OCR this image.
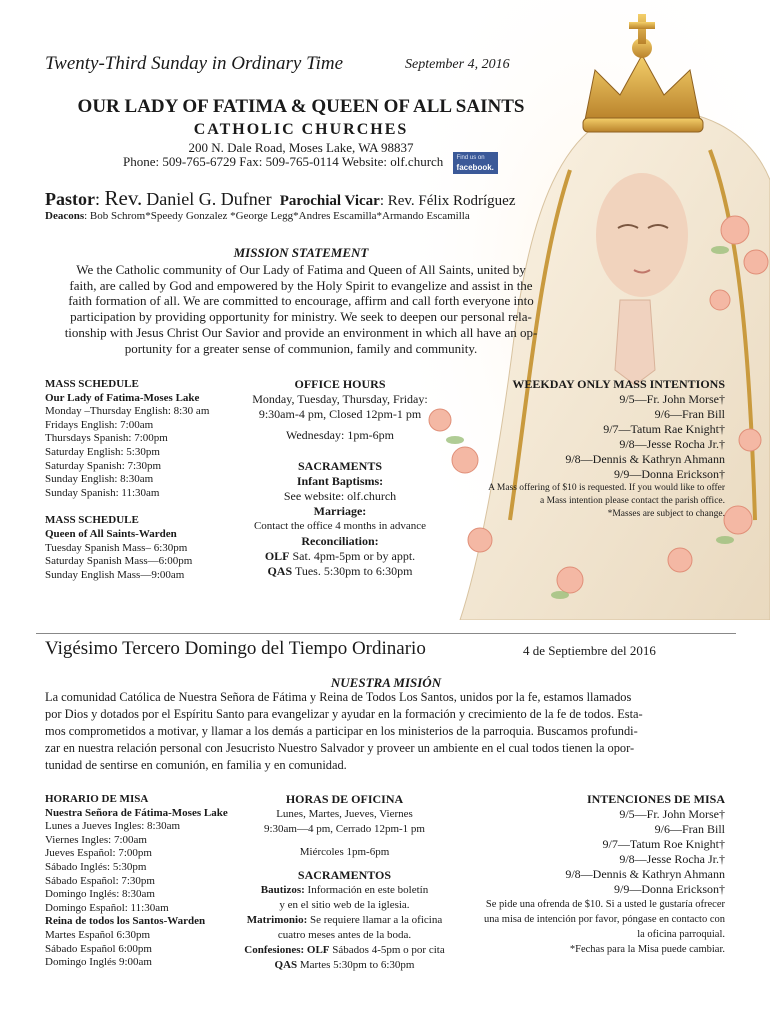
Twenty-Third Sunday in Ordinary Time	September 4, 2016
OUR LADY OF FATIMA & QUEEN OF ALL SAINTS
CATHOLIC CHURCHES
200 N. Dale Road, Moses Lake, WA 98837
Phone: 509-765-6729 Fax: 509-765-0114 Website: olf.church Find us on
facebook.
Pastor: Rev. Daniel G. Dufner Parochial Vicar: Rev. Félix Rodríguez
Deacons: Bob Schrom*Speedy Gonzalez *George Legg*Andres Escamilla*Armando Escamilla
MISSION STATEMENT
We the Catholic community of Our Lady of Fatima and Queen of All Saints, united by
faith, are called by God and empowered by the Holy Spirit to evangelize and assist in the
faith formation of all. We are committed to encourage, affirm and call forth everyone into
participation by providing opportunity for ministry. We seek to deepen our personal rela-
tionship with Jesus Christ Our Savior and provide an environment in which all have an op-
portunity for a greater sense of communion, family and community.
MASS SCHEDULE
Our Lady of Fatima-Moses Lake
Monday –Thursday English: 8:30 am
Fridays English: 7:00am
Thursdays Spanish: 7:00pm
Saturday English: 5:30pm
Saturday Spanish: 7:30pm
Sunday English: 8:30am
Sunday Spanish: 11:30am
MASS SCHEDULE
Queen of All Saints-Warden
Tuesday Spanish Mass– 6:30pm
Saturday Spanish Mass—6:00pm
Sunday English Mass—9:00am
OFFICE HOURS
Monday, Tuesday, Thursday, Friday:
9:30am-4 pm, Closed 12pm-1 pm
Wednesday: 1pm-6pm
SACRAMENTS
Infant Baptisms:
See website: olf.church
Marriage:
Contact the office 4 months in advance
Reconciliation:
OLF Sat. 4pm-5pm or by appt.
QAS Tues. 5:30pm to 6:30pm
WEEKDAY ONLY MASS INTENTIONS
9/5—Fr. John Morse†
9/6—Fran Bill
9/7—Tatum Rae Knight†
9/8—Jesse Rocha Jr.†
9/8—Dennis & Kathryn Ahmann
9/9—Donna Erickson†
A Mass offering of $10 is requested. If you would like to offer
a Mass intention please contact the parish office.
*Masses are subject to change.
Vigésimo Tercero Domingo del Tiempo Ordinario	4 de Septiembre del 2016
NUESTRA MISIÓN
La comunidad Católica de Nuestra Señora de Fátima y Reina de Todos Los Santos, unidos por la fe, estamos llamados
por Dios y dotados por el Espíritu Santo para evangelizar y ayudar en la formación y crecimiento de la fe de todos. Esta-
mos comprometidos a motivar, y llamar a los demás a participar en los ministerios de la parroquia. Buscamos profundi-
zar en nuestra relación personal con Jesucristo Nuestro Salvador y proveer un ambiente en el cual todos tienen la opor-
tunidad de sentirse en comunión, en familia y en comunidad.
HORARIO DE MISA
Nuestra Señora de Fátima-Moses Lake
Lunes a Jueves Ingles: 8:30am
Viernes Ingles: 7:00am
Jueves Español: 7:00pm
Sábado Inglés: 5:30pm
Sábado Español: 7:30pm
Domingo Inglés: 8:30am
Domingo Español: 11:30am
Reina de todos los Santos-Warden
Martes Español 6:30pm
Sábado Español 6:00pm
Domingo Inglés 9:00am
HORAS DE OFICINA
Lunes, Martes, Jueves, Viernes
9:30am—4 pm, Cerrado 12pm-1 pm
Miércoles 1pm-6pm
SACRAMENTOS
Bautizos: Información en este boletín
y en el sitio web de la iglesia.
Matrimonio: Se requiere llamar a la oficina
cuatro meses antes de la boda.
Confesiones: OLF Sábados 4-5pm o por cita
QAS Martes 5:30pm to 6:30pm
INTENCIONES DE MISA
9/5—Fr. John Morse†
9/6—Fran Bill
9/7—Tatum Roe Knight†
9/8—Jesse Rocha Jr.†
9/8—Dennis & Kathryn Ahmann
9/9—Donna Erickson†
Se pide una ofrenda de $10. Si a usted le gustaría ofrecer
una misa de intención por favor, póngase en contacto con
la oficina parroquial.
*Fechas para la Misa puede cambiar.
